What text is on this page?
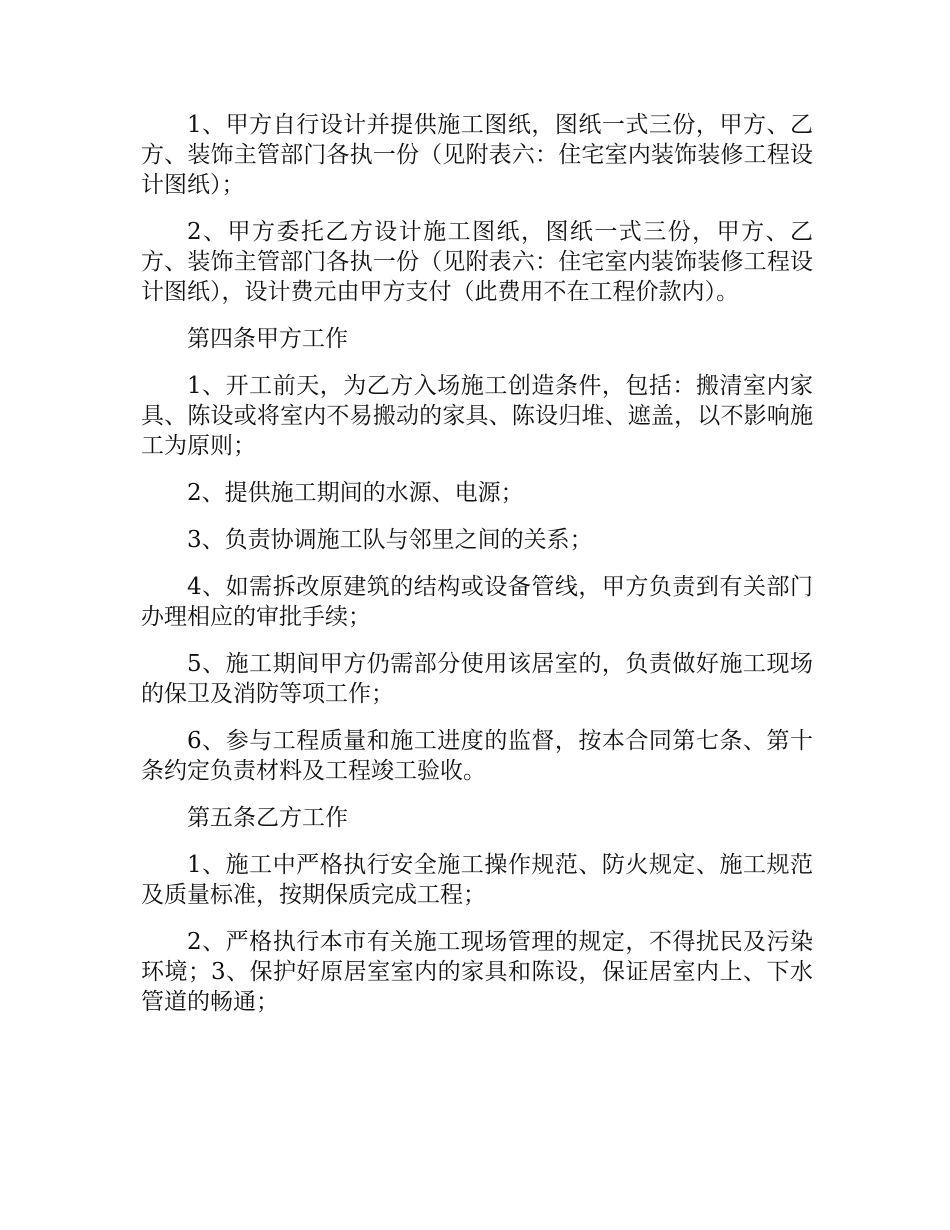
1、甲方自行设计并提供施工图纸，图纸一式三份，甲方、乙方、装饰主管部门各执一份（见附表六：住宅室内装饰装修工程设计图纸）；

2、甲方委托乙方设计施工图纸，图纸一式三份，甲方、乙方、装饰主管部门各执一份（见附表六：住宅室内装饰装修工程设计图纸），设计费元由甲方支付（此费用不在工程价款内）。

第四条甲方工作

1、开工前天，为乙方入场施工创造条件，包括：搬清室内家具、陈设或将室内不易搬动的家具、陈设归堆、遮盖，以不影响施工为原则；

2、提供施工期间的水源、电源；

3、负责协调施工队与邻里之间的关系；

4、如需拆改原建筑的结构或设备管线，甲方负责到有关部门办理相应的审批手续；

5、施工期间甲方仍需部分使用该居室的，负责做好施工现场的保卫及消防等项工作；

6、参与工程质量和施工进度的监督，按本合同第七条、第十条约定负责材料及工程竣工验收。

第五条乙方工作

1、施工中严格执行安全施工操作规范、防火规定、施工规范及质量标准，按期保质完成工程；

2、严格执行本市有关施工现场管理的规定，不得扰民及污染环境；3、保护好原居室室内的家具和陈设，保证居室内上、下水管道的畅通；
